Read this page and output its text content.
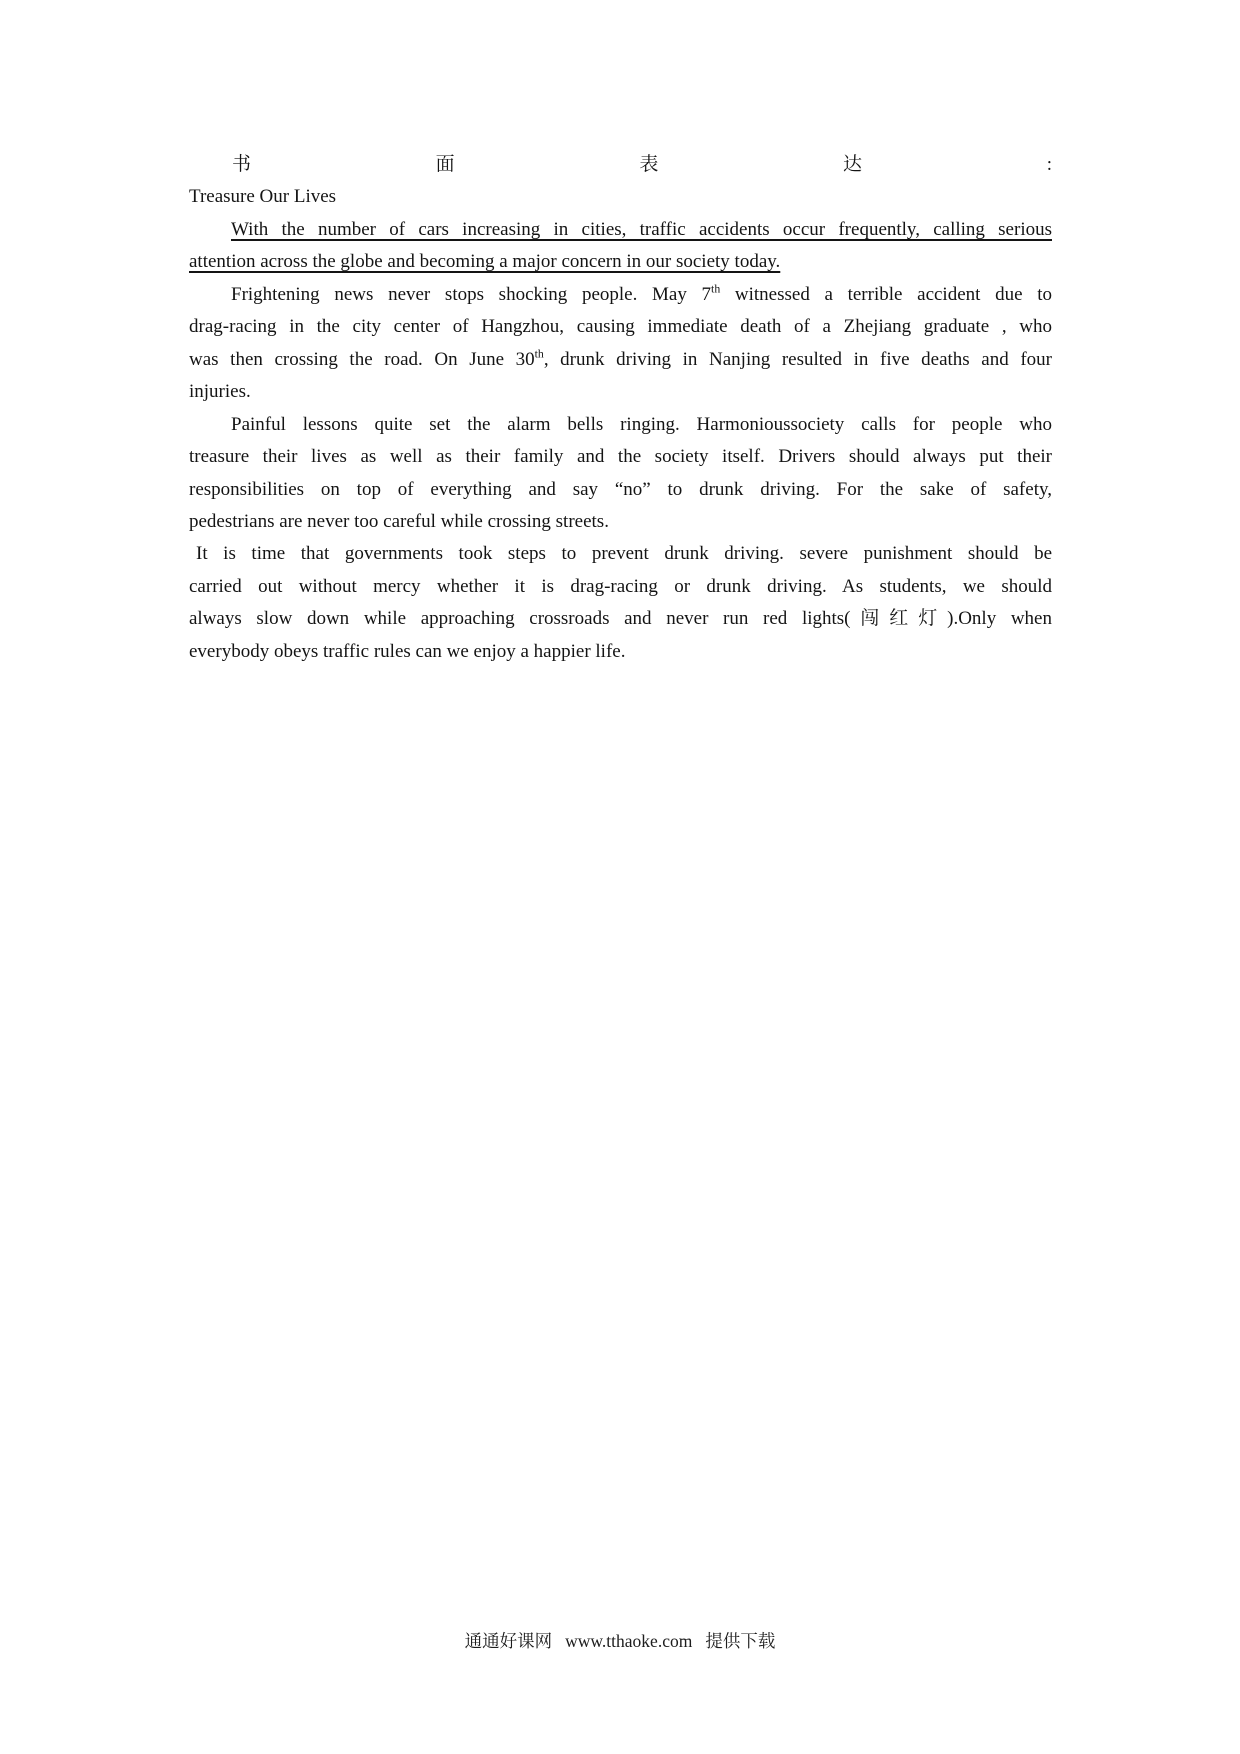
书面表达:
Treasure Our Lives
With the number of cars increasing in cities, traffic accidents occur frequently, calling serious
attention across the globe and becoming a major concern in our society today.
Frightening news never stops shocking people. May 7th witnessed a terrible accident due to
drag-racing in the city center of Hangzhou, causing immediate death of a Zhejiang graduate , who
was then crossing the road. On June 30th, drunk driving in Nanjing resulted in five deaths and four
injuries.
Painful lessons quite set the alarm bells ringing. Harmonioussociety calls for people who
treasure their lives as well as their family and the society itself. Drivers should always put their
responsibilities on top of everything and say “no” to drunk driving. For the sake of safety,
pedestrians are never too careful while crossing streets.
It is time that governments took steps to prevent drunk driving. severe punishment should be
carried out without mercy whether it is drag-racing or drunk driving. As students, we should
always slow down while approaching crossroads and never run red lights(闯红灯).Only when
everybody obeys traffic rules can we enjoy a happier life.
通通好课网 www.tthaoke.com 提供下载
